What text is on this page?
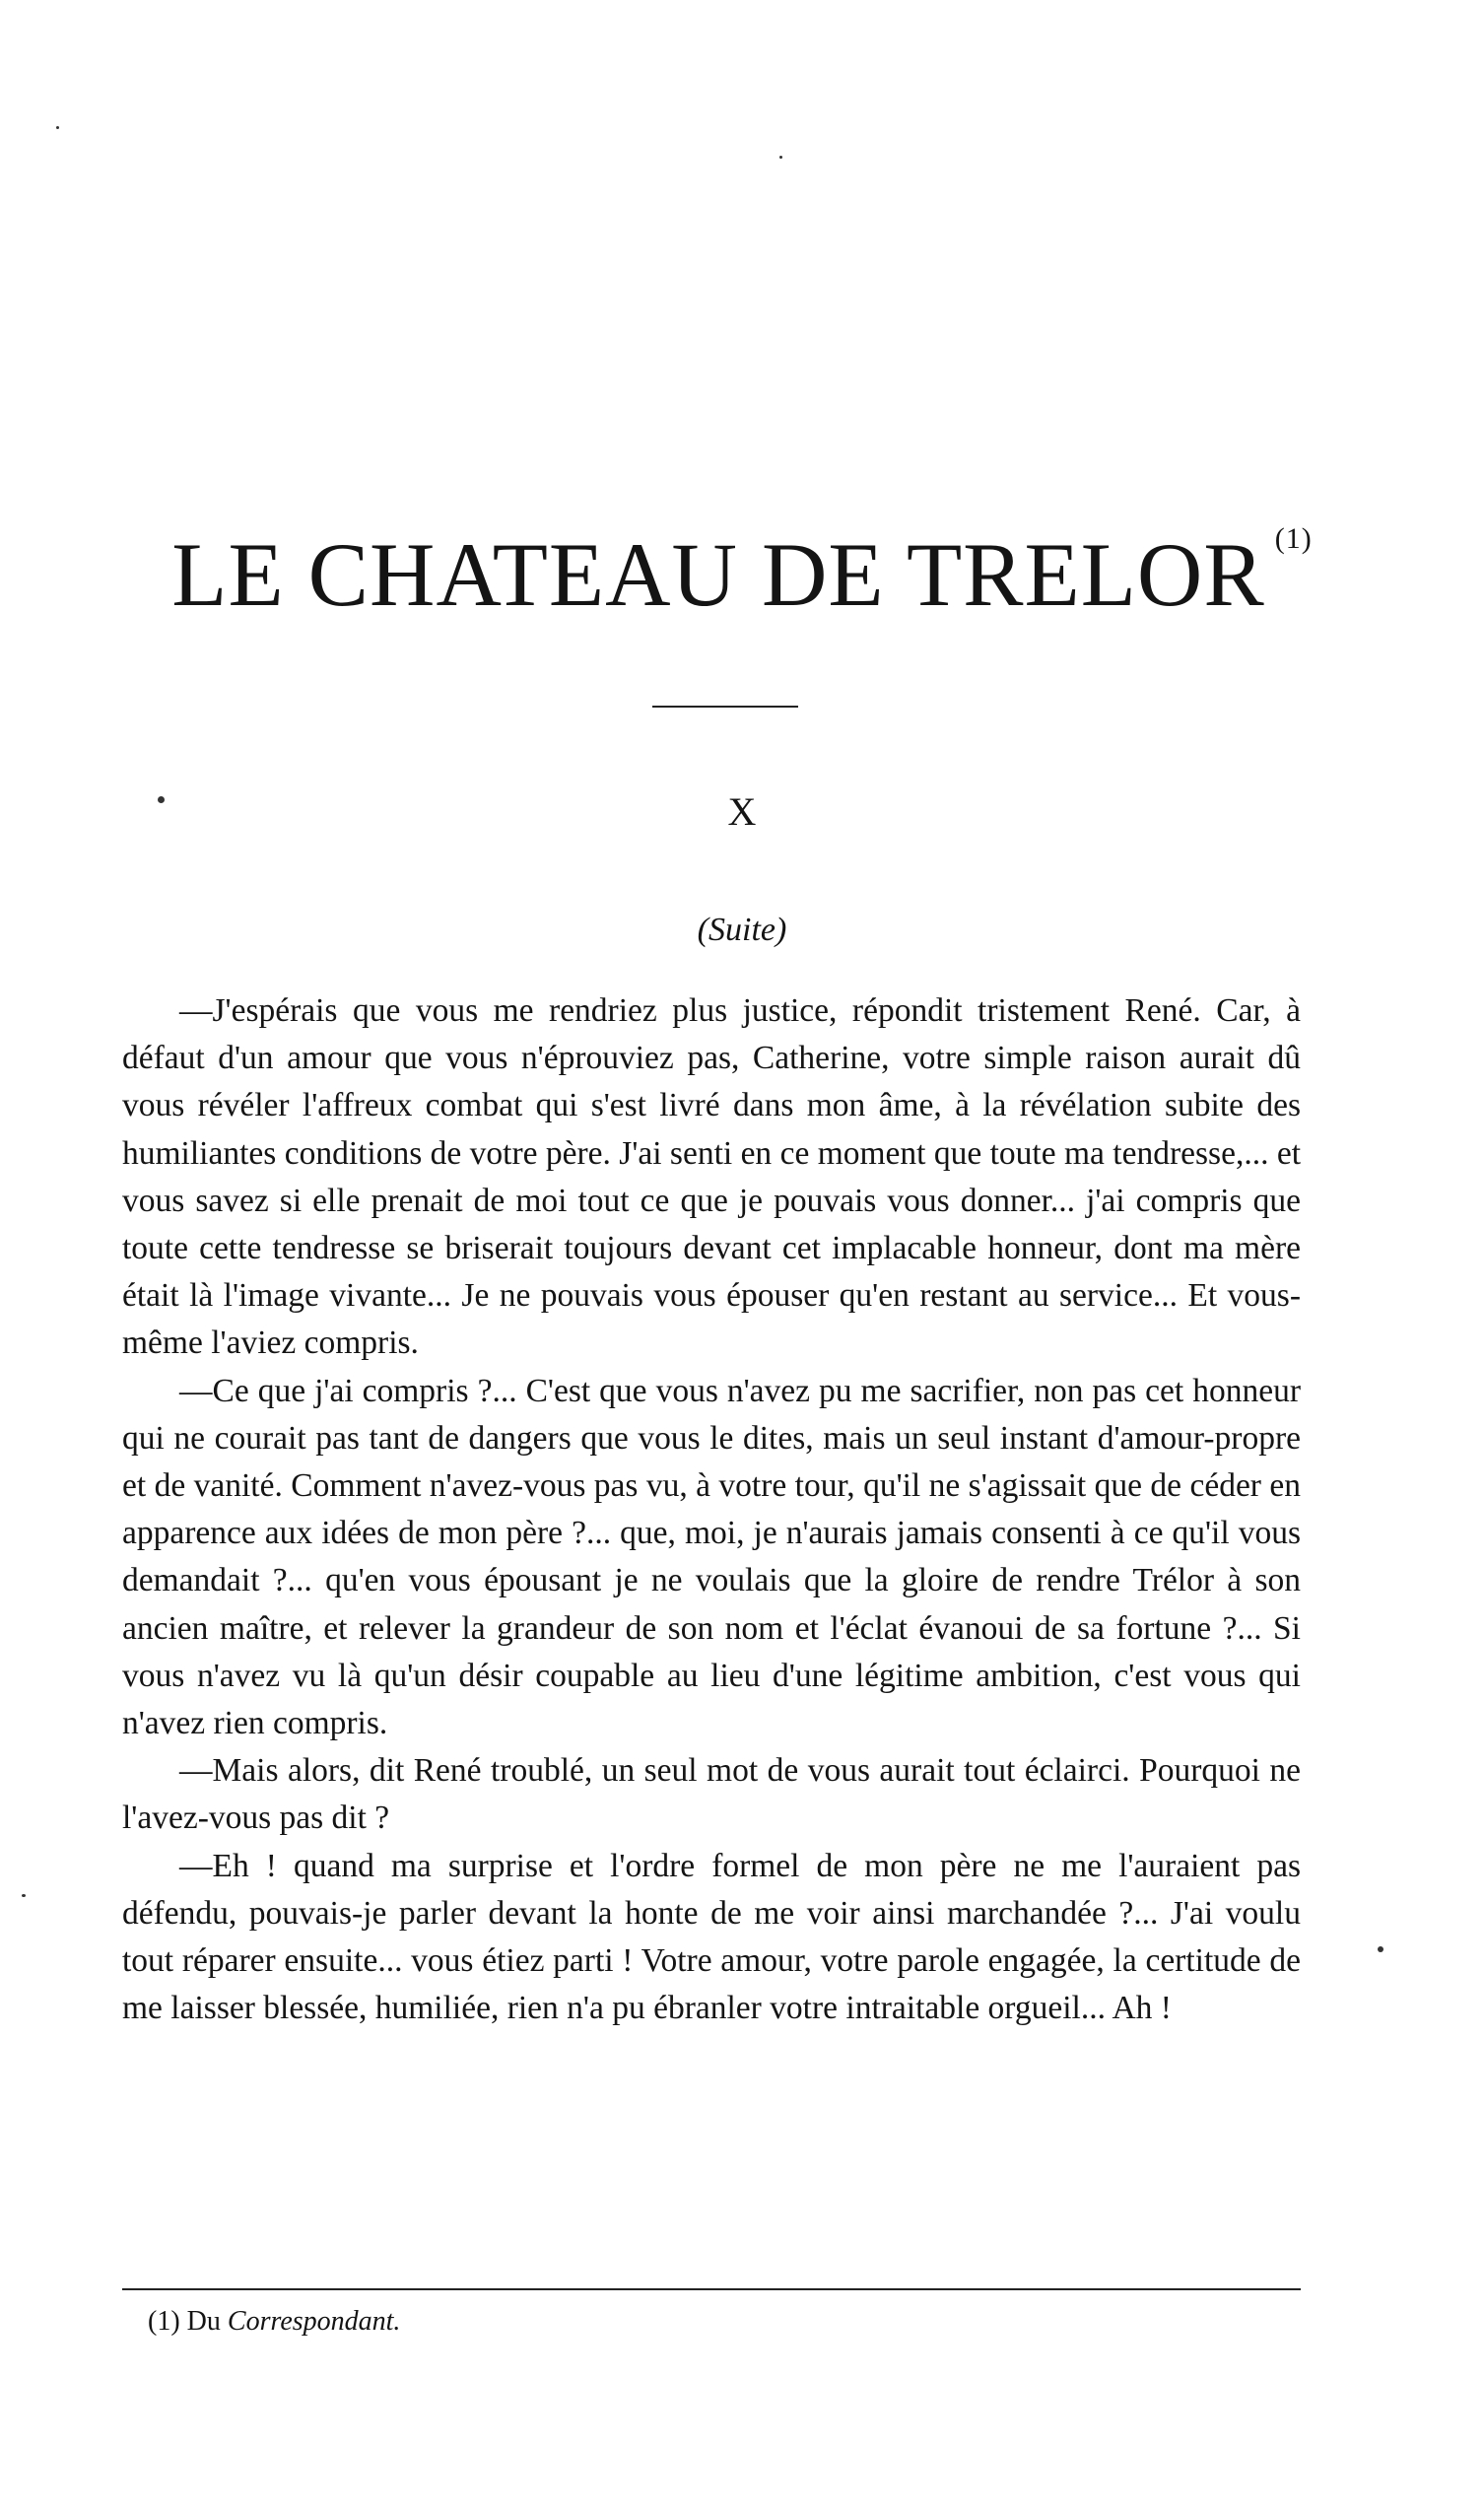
LE CHATEAU DE TRELOR $^{(1)}$
X
(Suite)

—J'espérais que vous me rendriez plus justice, répondit tristement René. Car, à défaut d'un amour que vous n'éprouviez pas, Catherine, votre simple raison aurait dû vous révéler l'affreux combat qui s'est livré dans mon âme, à la révélation subite des humiliantes conditions de votre père. J'ai senti en ce moment que toute ma tendresse,... et vous savez si elle prenait de moi tout ce que je pouvais vous donner... j'ai compris que toute cette tendresse se briserait toujours devant cet implacable honneur, dont ma mère était là l'image vivante... Je ne pouvais vous épouser qu'en restant au service... Et vous-même l'aviez compris.

—Ce que j'ai compris ?... C'est que vous n'avez pu me sacrifier, non pas cet honneur qui ne courait pas tant de dangers que vous le dites, mais un seul instant d'amour-propre et de vanité. Comment n'avez-vous pas vu, à votre tour, qu'il ne s'agissait que de céder en apparence aux idées de mon père ?... que, moi, je n'aurais jamais consenti à ce qu'il vous demandait ?... qu'en vous épousant je ne voulais que la gloire de rendre Trélor à son ancien maître, et relever la grandeur de son nom et l'éclat évanoui de sa fortune ?... Si vous n'avez vu là qu'un désir coupable au lieu d'une légitime ambition, c'est vous qui n'avez rien compris.

—Mais alors, dit René troublé, un seul mot de vous aurait tout éclairci. Pourquoi ne l'avez-vous pas dit ?

—Eh ! quand ma surprise et l'ordre formel de mon père ne me l'auraient pas défendu, pouvais-je parler devant la honte de me voir ainsi marchandée ?... J'ai voulu tout réparer ensuite... vous étiez parti ! Votre amour, votre parole engagée, la certitude de me laisser blessée, humiliée, rien n'a pu ébranler votre intraitable orgueil... Ah !

(1) Du Correspondant.
